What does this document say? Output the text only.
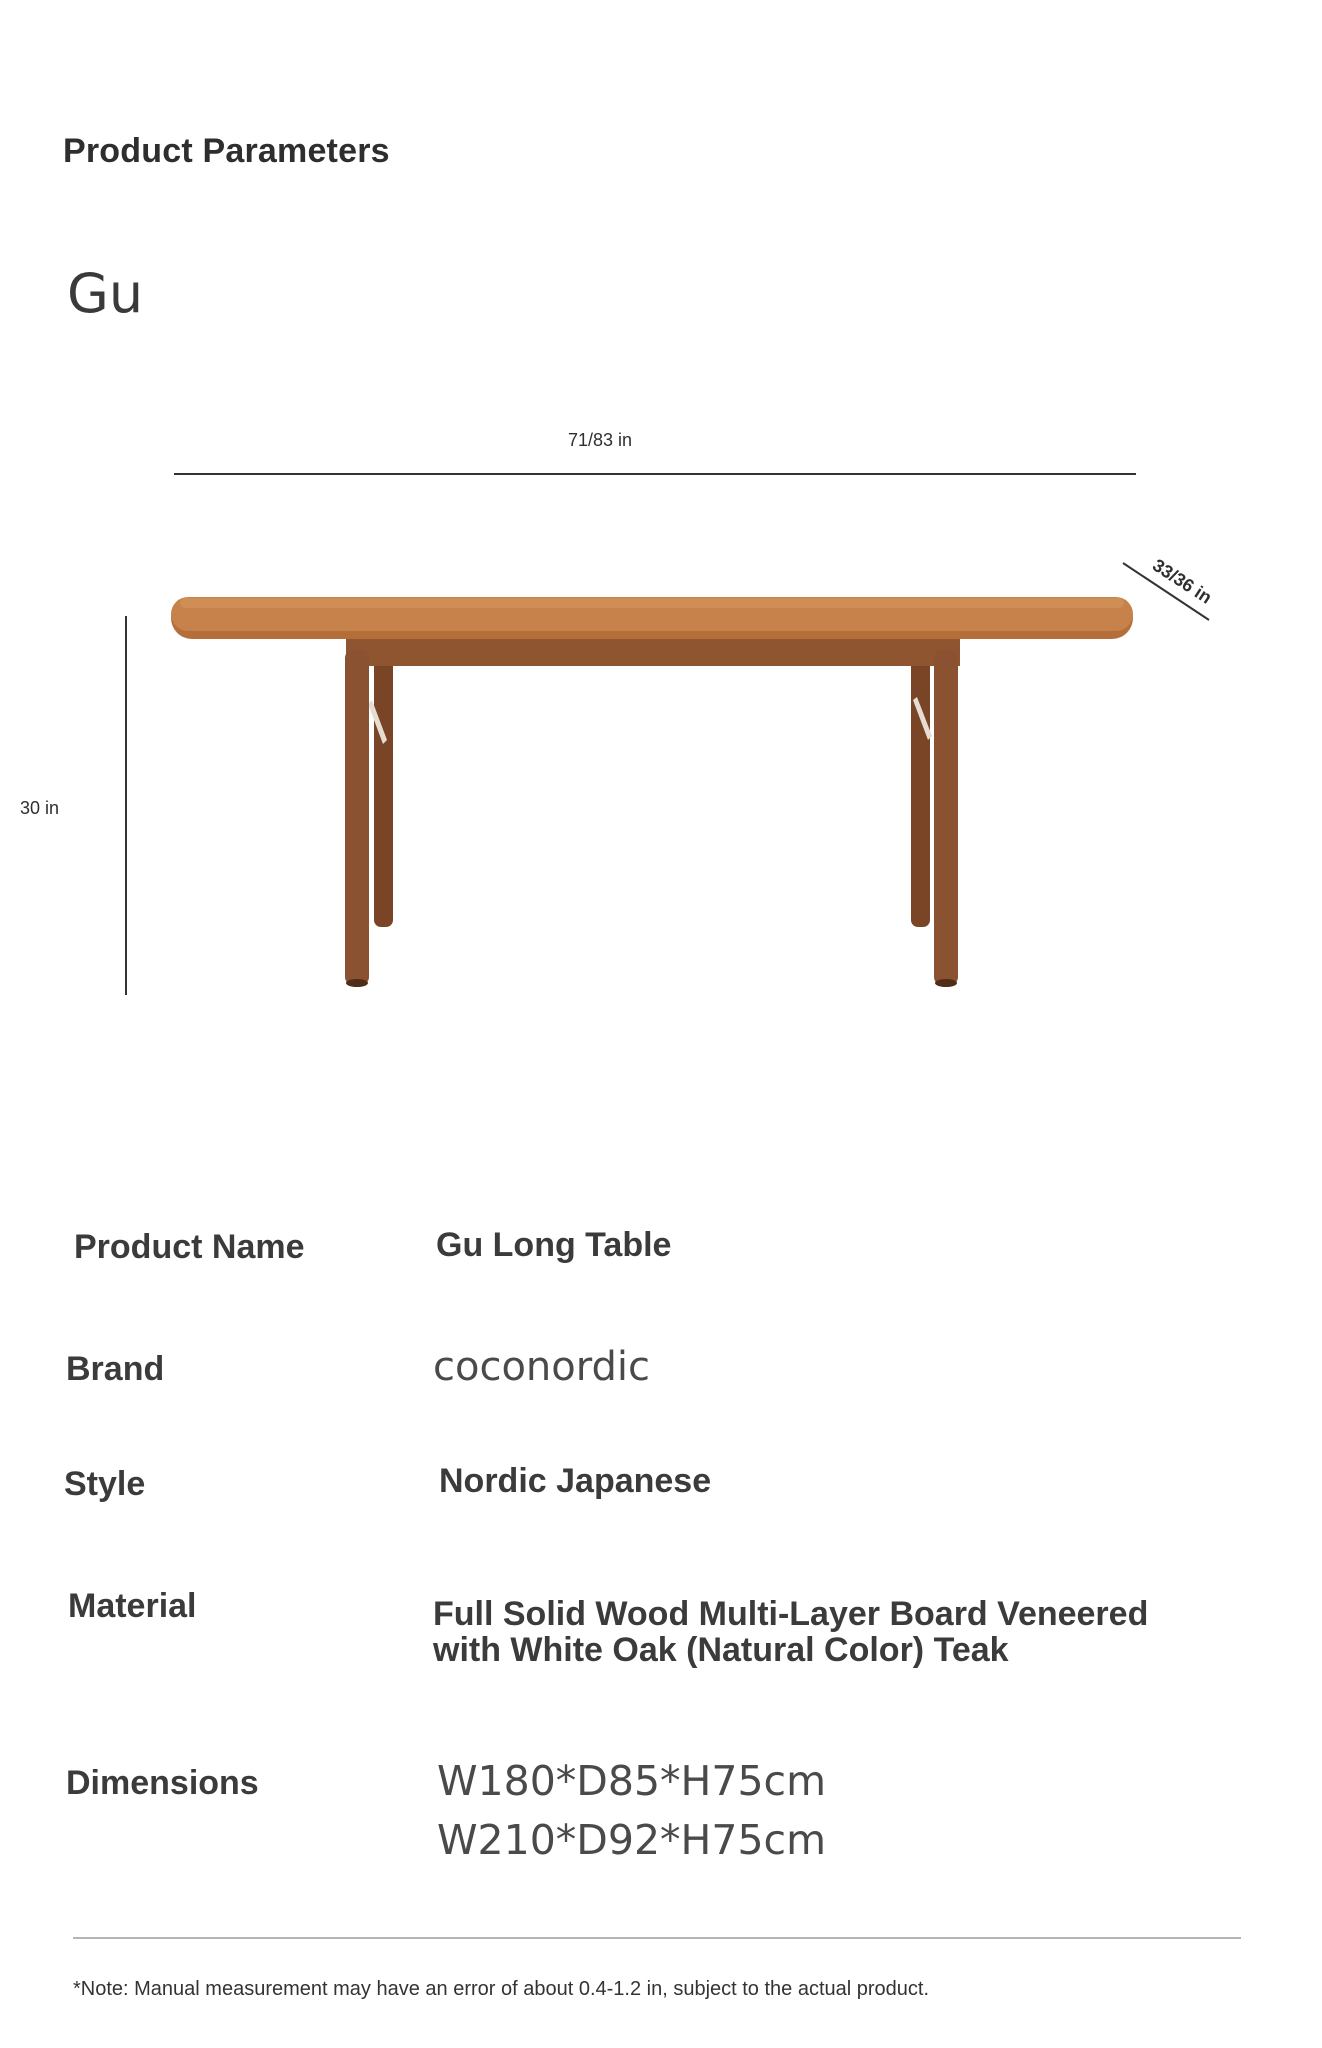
Product Parameters
Gu
71/83 in
30 in
33/36 in
Product Name	Gu Long Table
Brand	coconordic
Style	Nordic Japanese
Material	Full Solid Wood Multi-Layer Board Veneered with White Oak (Natural Color) Teak
Dimensions	W180*D85*H75cm
W210*D92*H75cm
*Note: Manual measurement may have an error of about 0.4-1.2 in, subject to the actual product.
